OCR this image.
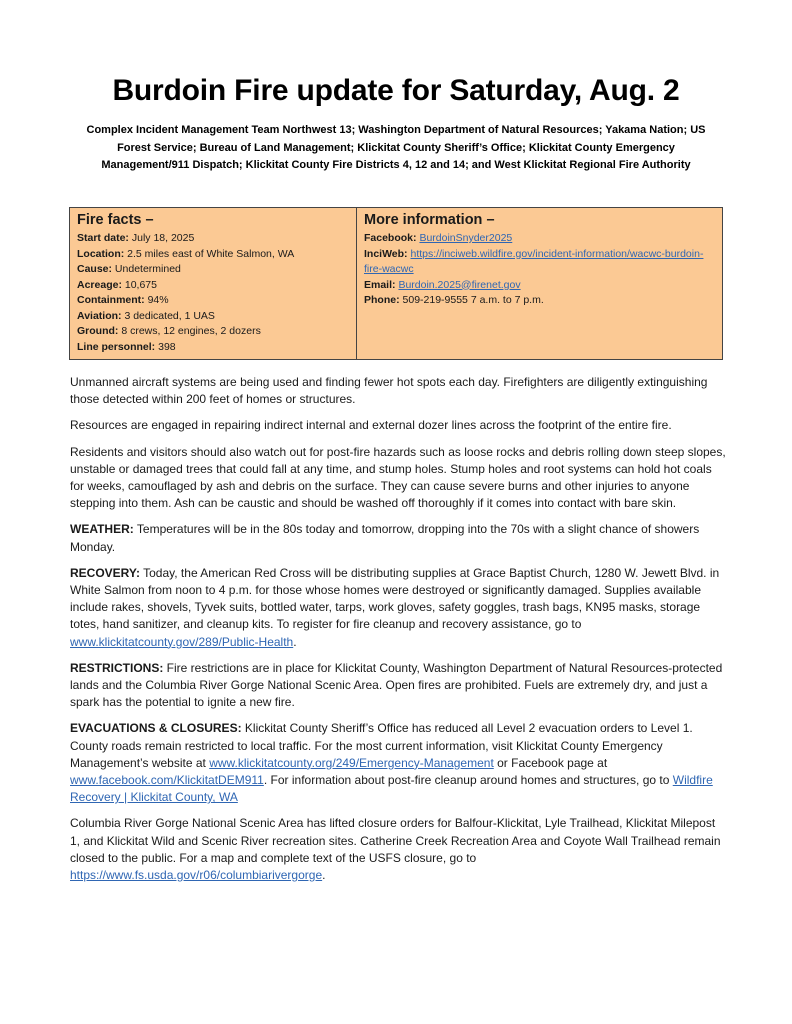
Burdoin Fire update for Saturday, Aug. 2

Complex Incident Management Team Northwest 13; Washington Department of Natural Resources; Yakama Nation; US Forest Service; Bureau of Land Management; Klickitat County Sheriff’s Office; Klickitat County Emergency Management/911 Dispatch; Klickitat County Fire Districts 4, 12 and 14; and West Klickitat Regional Fire Authority

Fire facts –
Start date: July 18, 2025
Location: 2.5 miles east of White Salmon, WA
Cause: Undetermined
Acreage: 10,675
Containment: 94%
Aviation: 3 dedicated, 1 UAS
Ground: 8 crews, 12 engines, 2 dozers
Line personnel: 398
More information –
Facebook: BurdoinSnyder2025
InciWeb: https://inciweb.wildfire.gov/incident-information/wacwc-burdoin-fire-wacwc
Email: Burdoin.2025@firenet.gov
Phone: 509-219-9555 7 a.m. to 7 p.m.

Unmanned aircraft systems are being used and finding fewer hot spots each day. Firefighters are diligently extinguishing those detected within 200 feet of homes or structures.

Resources are engaged in repairing indirect internal and external dozer lines across the footprint of the entire fire.

Residents and visitors should also watch out for post-fire hazards such as loose rocks and debris rolling down steep slopes, unstable or damaged trees that could fall at any time, and stump holes. Stump holes and root systems can hold hot coals for weeks, camouflaged by ash and debris on the surface. They can cause severe burns and other injuries to anyone stepping into them. Ash can be caustic and should be washed off thoroughly if it comes into contact with bare skin.

WEATHER: Temperatures will be in the 80s today and tomorrow, dropping into the 70s with a slight chance of showers Monday.

RECOVERY: Today, the American Red Cross will be distributing supplies at Grace Baptist Church, 1280 W. Jewett Blvd. in White Salmon from noon to 4 p.m. for those whose homes were destroyed or significantly damaged. Supplies available include rakes, shovels, Tyvek suits, bottled water, tarps, work gloves, safety goggles, trash bags, KN95 masks, storage totes, hand sanitizer, and cleanup kits. To register for fire cleanup and recovery assistance, go to www.klickitatcounty.gov/289/Public-Health.

RESTRICTIONS: Fire restrictions are in place for Klickitat County, Washington Department of Natural Resources-protected lands and the Columbia River Gorge National Scenic Area. Open fires are prohibited. Fuels are extremely dry, and just a spark has the potential to ignite a new fire.

EVACUATIONS & CLOSURES: Klickitat County Sheriff’s Office has reduced all Level 2 evacuation orders to Level 1. County roads remain restricted to local traffic. For the most current information, visit Klickitat County Emergency Management’s website at www.klickitatcounty.org/249/Emergency-Management or Facebook page at www.facebook.com/KlickitatDEM911. For information about post-fire cleanup around homes and structures, go to Wildfire Recovery | Klickitat County, WA

Columbia River Gorge National Scenic Area has lifted closure orders for Balfour-Klickitat, Lyle Trailhead, Klickitat Milepost 1, and Klickitat Wild and Scenic River recreation sites. Catherine Creek Recreation Area and Coyote Wall Trailhead remain closed to the public. For a map and complete text of the USFS closure, go to https://www.fs.usda.gov/r06/columbiarivergorge.
